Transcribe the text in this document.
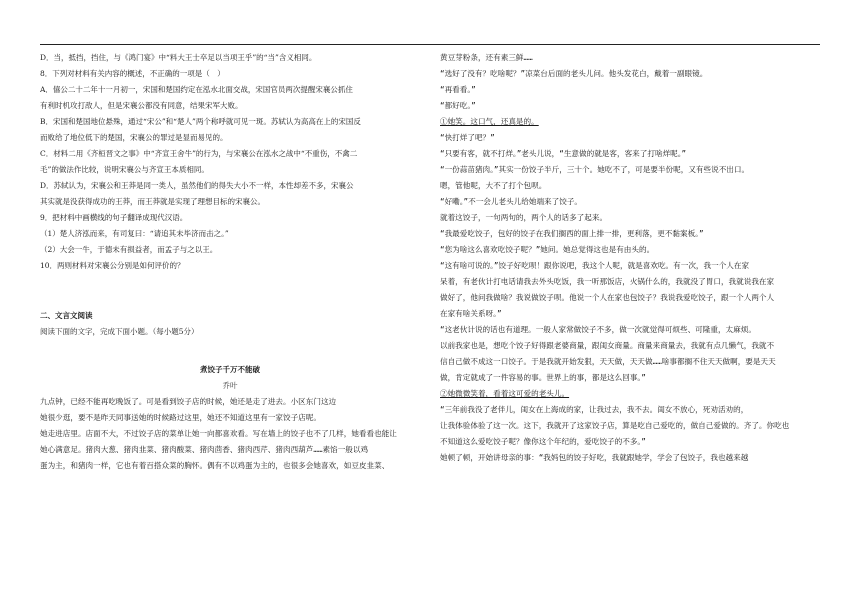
D．当，抵挡，挡住，与《鸿门宴》中“料大王士卒足以当项王乎”的“当”含义相同。

8．下列对材料有关内容的概述，不正确的一项是（　）

A．僖公二十二年十一月初一，宋国和楚国约定在泓水北面交战，宋国官员两次提醒宋襄公抓住

有利时机攻打敌人，但是宋襄公都没有同意，结果宋军大败。

B．宋国和楚国地位悬殊，通过“宋公”和“楚人”两个称呼就可见一斑。苏轼认为高高在上的宋国反

而败给了地位低下的楚国，宋襄公的罪过是显而易见的。

C．材料二用《齐桓晋文之事》中“齐宣王舍牛”的行为，与宋襄公在泓水之战中“不重伤，不禽二

毛”的做法作比较，说明宋襄公与齐宣王本质相同。

D．苏轼认为，宋襄公和王莽是同一类人，虽然他们的得失大小不一样，本性却差不多，宋襄公

其实就是没获得成功的王莽，而王莽就是实现了理想目标的宋襄公。

9．把材料中画横线的句子翻译成现代汉语。

（1）楚人济泓而来，有司复曰：“请追其未毕济而击之。”

（2）大会一牛，于德未有损益者，而孟子与之以王。

10．两则材料对宋襄公分别是如何评价的？

二、文言文阅读

阅读下面的文字，完成下面小题。（每小题5分）

煮饺子千万不能破

乔叶

九点钟，已经不能再吃晚饭了。可是看到饺子店的时候，她还是走了进去。小区东门这边

她很少逛，要不是昨天同事送她的时候路过这里，她还不知道这里有一家饺子店呢。

她走进店里。店面不大，不过饺子店的菜单让她一向都喜欢看。写在墙上的饺子也不了几样，她看看也能让

她心满意足。猪肉大葱、猪肉韭菜、猪肉酸菜、猪肉茴香、猪肉西芹、猪肉西葫芦……素馅一般以鸡

蛋为主，和猪肉一样，它也有着百搭众菜的胸怀。偶有不以鸡蛋为主的，也很多会她喜欢，如豆皮韭菜、

黄豆芽粉条，还有素三鲜……

“选好了没有？吃啥呢？”凉菜台后面的老头儿问。他头发花白，戴着一副眼镜。

“再看看。”

“都好吃。”

①她笑。这口气，还真是的。

“快打烊了吧？”

“只要有客，就不打烊。”老头儿说，“生意做的就是客，客来了打啥烊呢。”

“一份蒜苗猪肉。”其实一份饺子半斤，三十个。她吃不了，可是要半份呢，又有些说不出口。

嗯，管他呢，大不了打个包呗。

“好嘞。”不一会儿老头儿给她端来了饺子。

就着这饺子，一句两句的，两个人的话多了起来。

“我最爱吃饺子，包好的饺子在我们搁西的面上排一排，更利落，更不黏案板。”

“您为啥这么喜欢吃饺子呢？”她问。她总觉得这也是有由头的。

“这有啥可说的。”饺子好吃呗！跟你说吧，我这个人呢，就是喜欢吃。有一次，我一个人在家

呆着，有老伙计打电话请我去外头吃饭，我一听那饭店，火锅什么的，我就没了胃口，我就说我在家

做好了，他问我做啥？我说做饺子呗。他说一个人在家也包饺子？我说我爱吃饺子，跟一个人两个人

在家有啥关系呀。”

“这老伙计说的话也有道理。一般人家常做饺子不多，做一次就觉得可烦些、可隆重，太麻烦。

以前我家也是，想吃个饺子好得跟老婆商量，跟闺女商量。商量来商量去，我就有点几懒气，我就不

信自己做不成这一口饺子。于是我就开始发狠，天天做，天天做……啥事都搁不住天天做啊，要是天天

做，肯定就成了一件容易的事。世界上的事，都是这么回事。”

②她微微笑着，看着这可爱的老头儿。

“三年前我没了老伴儿，闺女在上海成的家，让我过去，我不去。闺女不放心，死劝活劝的，

让我体验体验了这一次。这下，我就开了这家饺子店，算是吃自己爱吃的，做自己爱做的。齐了。你吃也

不知道这么爱吃饺子呢？像你这个年纪的，爱吃饺子的不多。”

她顿了顿，开始讲母亲的事：“我妈包的饺子好吃，我就跟她学，学会了包饺子，我也越来越
